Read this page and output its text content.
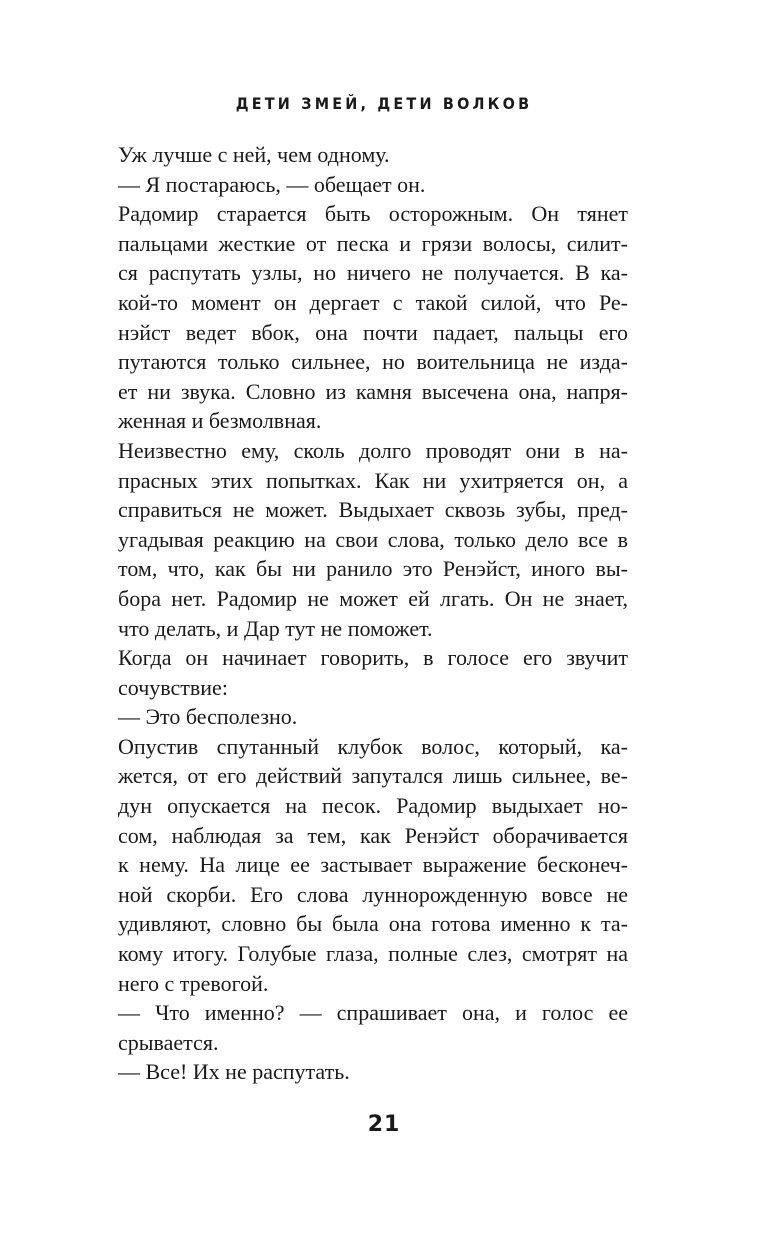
ДЕТИ ЗМЕЙ, ДЕТИ ВОЛКОВ
Уж лучше с ней, чем одному.
— Я постараюсь, — обещает он.
Радомир старается быть осторожным. Он тянет
пальцами жесткие от песка и грязи волосы, силит-
ся распутать узлы, но ничего не получается. В ка-
кой-то момент он дергает с такой силой, что Ре-
нэйст ведет вбок, она почти падает, пальцы его
путаются только сильнее, но воительница не изда-
ет ни звука. Словно из камня высечена она, напря-
женная и безмолвная.
Неизвестно ему, сколь долго проводят они в на-
прасных этих попытках. Как ни ухитряется он, а
справиться не может. Выдыхает сквозь зубы, пред-
угадывая реакцию на свои слова, только дело все в
том, что, как бы ни ранило это Ренэйст, иного вы-
бора нет. Радомир не может ей лгать. Он не знает,
что делать, и Дар тут не поможет.
Когда он начинает говорить, в голосе его звучит
сочувствие:
— Это бесполезно.
Опустив спутанный клубок волос, который, ка-
жется, от его действий запутался лишь сильнее, ве-
дун опускается на песок. Радомир выдыхает но-
сом, наблюдая за тем, как Ренэйст оборачивается
к нему. На лице ее застывает выражение бесконеч-
ной скорби. Его слова луннорожденную вовсе не
удивляют, словно бы была она готова именно к та-
кому итогу. Голубые глаза, полные слез, смотрят на
него с тревогой.
— Что именно? — спрашивает она, и голос ее
срывается.
— Все! Их не распутать.
21
